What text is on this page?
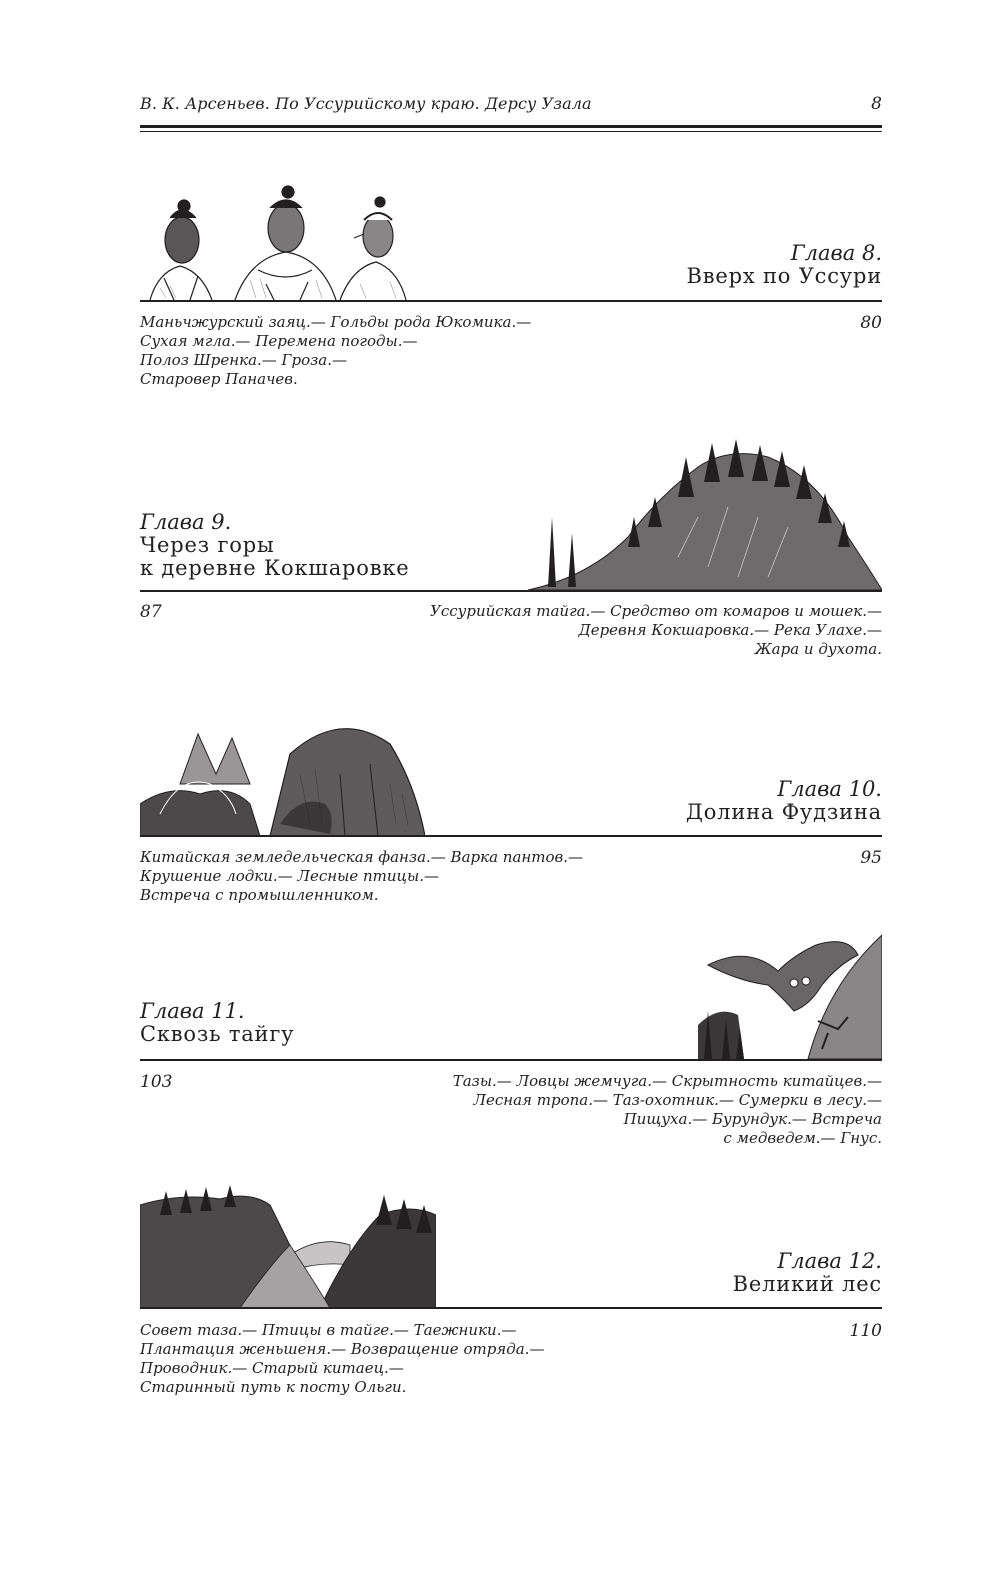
В. К. Арсеньев. По Уссурийскому краю. Дерсу Узала	8
Глава 8.
Вверх по Уссури
80
Маньчжурский заяц.— Гольды рода Юкомика.—
Сухая мгла.— Перемена погоды.—
Полоз Шренка.— Гроза.—
Старовер Паначев.
Глава 9.
Через горы
к деревне Кокшаровке
87	Уссурийская тайга.— Средство от комаров и мошек.—
Деревня Кокшаровка.— Река Улахе.—
Жара и духота.
Глава 10.
Долина Фудзина
95
Китайская земледельческая фанза.— Варка пантов.—
Крушение лодки.— Лесные птицы.—
Встреча с промышленником.
Глава 11.
Сквозь тайгу
103	Тазы.— Ловцы жемчуга.— Скрытность китайцев.—
Лесная тропа.— Таз-охотник.— Сумерки в лесу.—
Пищуха.— Бурундук.— Встреча
с медведем.— Гнус.
Глава 12.
Великий лес
110
Совет таза.— Птицы в тайге.— Таежники.—
Плантация женьшеня.— Возвращение отряда.—
Проводник.— Старый китаец.—
Старинный путь к посту Ольги.
